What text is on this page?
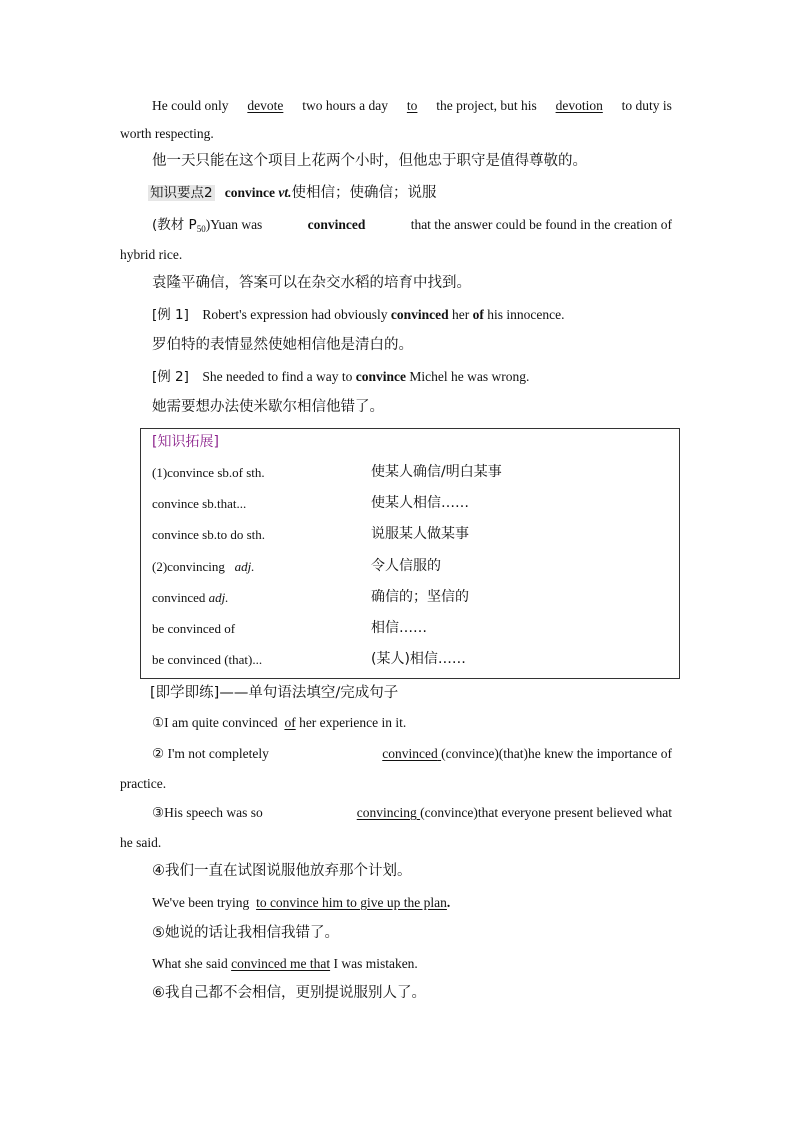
He could only devote two hours a day to the project, but his devotion to duty is
worth respecting.
他一天只能在这个项目上花两个小时，但他忠于职守是值得尊敬的。
知识要点2 convince vt.使相信；使确信；说服
(教材 $P_{50})Yuan$ was	convinced	that the answer could be found in the creation of
hybrid rice.
袁隆平确信，答案可以在杂交水稻的培育中找到。
[例 1] Robert's expression had obviously convinced her of his innocence.
罗伯特的表情显然使她相信他是清白的。
[例 2] She needed to find a way to convince Michel he was wrong.
她需要想办法使米歇尔相信他错了。
[知识拓展]
(1)convince sb.of sth.	使某人确信/明白某事
convince sb.that...	使某人相信……
convince sb.to do sth.	说服某人做某事
(2)convincing adj.	令人信服的
convinced adj.	确信的；坚信的
be convinced of	相信……
be convinced (that)...	(某人)相信……
[即学即练]——单句语法填空/完成句子
①I am quite convinced of her experience in it.
② I'm not completely	convinced (convince)(that)he knew the importance of
practice.
③His speech was so	convincing (convince)that everyone present believed what
he said.
④我们一直在试图说服他放弃那个计划。
We've been trying to convince him to give up the plan.
⑤她说的话让我相信我错了。
What she said convinced me that I was mistaken.
⑥我自己都不会相信，更别提说服别人了。
